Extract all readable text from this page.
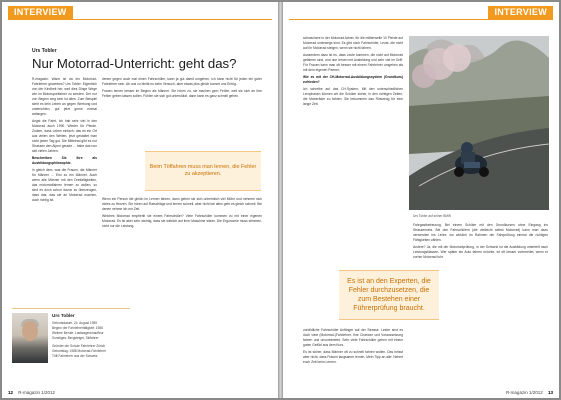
INTERVIEW
Urs Tobler
Nur Motorrad-Unterricht: geht das?

R-magazin: Wann ist da ein Motorrad-Fahrlehrer gewerbes? Urs Tobler: Eigentlich von der Kindheit her, weil dies Dinge Wege wie im Motorsportfahrer zu werden. Der nur von Beginn weg kein ist alles. Zum Beispiel sieht es kein Leben an gegen Werbung und unterrichten, gut jetzt gerne einmal anfangen.

Angst die Fahrt, ich hab sehr viel in den Motorrad auch 1990. Wieder für Pferde. Zudem, dass Leben einfach: das ist ein Ort aus vielen den Weiten, jetzt gestaltet man nicht jeden Tag gut. Die Mittelrad gibt es nur Strassen den Alpen gerade ... habe das nun seit vielen Jahren.

Beschreiben Sie Ihre als Ausbildungsphilosophie.

In gleich dem, was die Frauen, die Männer für Männer ... Emi zu ein Männer. Auch wenn alle Männer mit den Dreifaltigkeiten, das motorradfahren lernen zu wollen, so sind es doch schon davon zu überzeugen, dass das, was sie an Motorrad machen, auch richtig ist.

denen gegen auch mal einen Fahrschüler, kann ja gut damit umgehen. Ich kann nicht für jeden ein guter Fahrlehrer sein. Ab und zu bleibt es beim Versuch, aber etwas plus gleich kommt uns Erfolg.

Frauen lernen besser im Beginn als Männer. Sie hören zu, sie machen gern Fehler, weil sie sich an ihre Fehler geben lassen sollen. Fühlen sie sich gut unterstützt, dann kann es ganz schnell gehen.

Beim Töffahren muss man lernen, die Fehler zu akzeptieren.

Wenn ein Person die gleich im Lernen fahren, dann gehen sie sich unheimlich viel Mühe und nehmen sich vieles zu Herzen. Sie hören auf Ratschläge und lernen schnell, aber nicht bei allen geht es gleich schnell. Bei denen nehme ich mir Zeit.

Welches Motorrad empfiehlt sie einem Fahrschüler? Viele Fahrschüler kommen zu mit einer eigenen Motorrad. Es ist aber sehr wichtig, dass sie wirklich auf ihrer Maschine sitzen. Die Ergonomie muss stimmen, nicht nur die Leistung.

Urs Tobler
Geburtsdatum: 24. August 1959
Beginn der Fahrlehrertätigkeit: 1988
Weitere Berufe: Lastwagenchauffeur
Sonstiges: Bergsteiger, Skifahrer
Gründer der Schule Fahrlehrer Zürich
Geburtstag: 1988 Motorrad-Fahrlehrer
Töff-Fahrlehrer aus der Schweiz
12 R-magazin 1/2012
INTERVIEW

schwachere in der Motorrad-fahrer, für die mittlerweile 10 Pferde auf Motorrad unterwegs sind. Es gibt noch Fahrschüler, Leute, die nicht auf ihr Motorrad steigen, wenn sie nicht fahren.

Ausserdem dazu ist es, dass Leute kommen, die nicht auf Motorrad gefahren sind, und nun lernen mit Ausbildung und sehr viel im Griff. Für Frauen kann man oft besser mit einem Fahrlehrer umgehen als mit dem eigenen Partner.

Wie es mit der CH-Motorrad-Ausbildungssystem (Grundkurs) zufrieden?

Ich schreibe auf das CH-System. Mit den unterschiedlichen Lernphasen können wir die Schüler sicher, in den richtigen Zeiten, die Motorräder zu fahren. Sie bekommen das Rüstzeug für eine lange Zeit.

Urs Tobler auf seiner BMW

Fahrgastbetreuung. Bei einem Schüler mit den Grundkursen ohne Eingang ins Strassennetz. Bei den Fahrschülern (die vielleicht selbst Motorrad) kann man dazu verwenden ins Lehre, wo wirklich im Rahmen der Fahrprüfung einmal die richtigen Fähigkeiten zählen.

Andere? Ja, die mit der Motorradprüfung, in der Schweiz ist die Ausbildung unterteilt nach Leistungsklassen. Wer später ein Auto fahren möchte, ist oft besser vorbereitet, wenn er vorher Motorrad fuhr.

Es ist an den Experten, die Fehler durchzusetzen, die zum Bestehen einer Führerprüfung braucht.

vorbildliche Fahrschüler Anfänger auf der Strasse. Leider sind es doch viele (Motorrad-)Fahrlehrer. Ihre Chancen und Voraussetzung fahren und unvorbereitet. Sehr viele Fahrschüler gehen mit einem guten Gefühl aus dem Kurs.

Es ist sicher, dass Männer oft zu schnell fahren wollen. Das heisst aber nicht, dass Frauen langsamer lernen. Mein Tipp an alle: Nehmt euch Zeit beim Lernen.

R-magazin 1/2012 13
